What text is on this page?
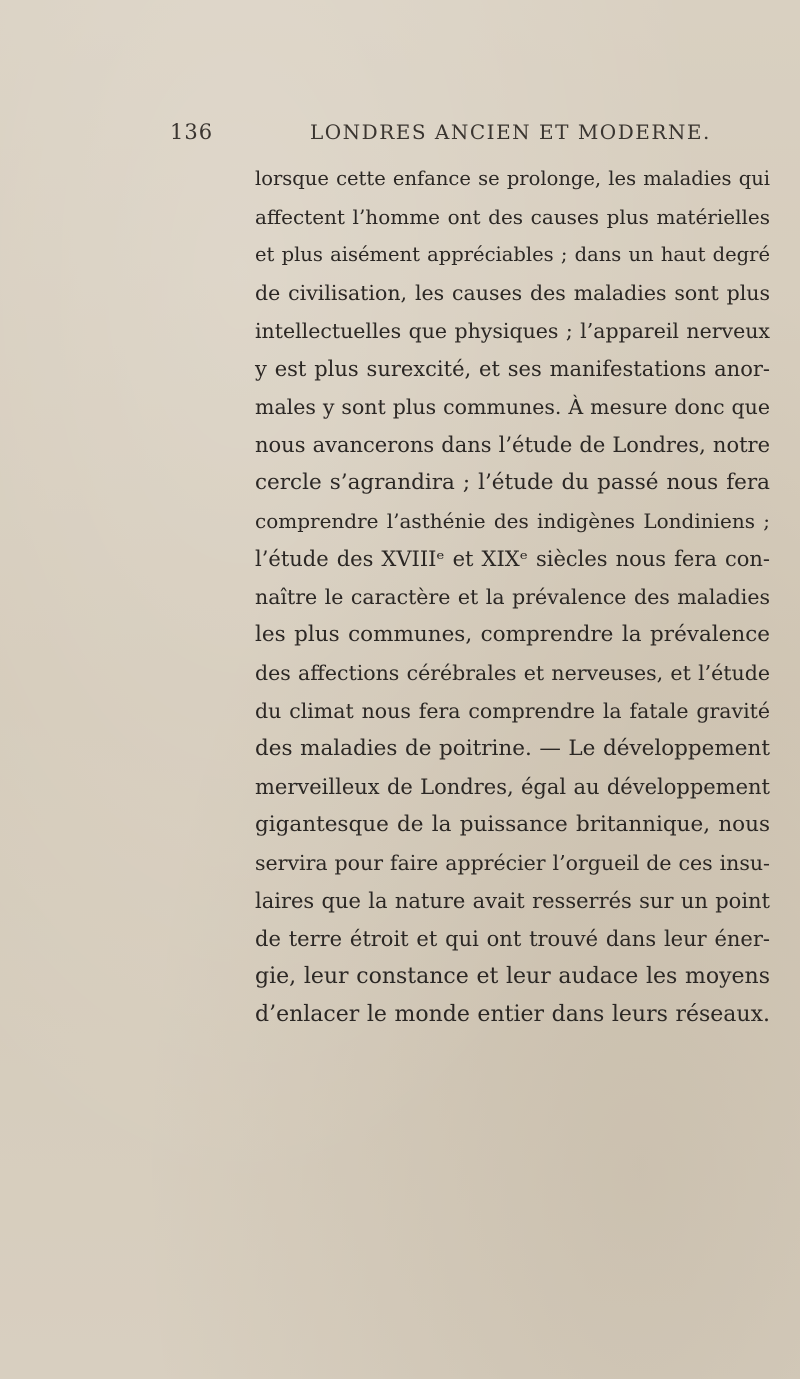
136	LONDRES ANCIEN ET MODERNE.
lorsque cette enfance se prolonge, les maladies qui
affectent l’homme ont des causes plus matérielles
et plus aisément appréciables ; dans un haut degré
de civilisation, les causes des maladies sont plus
intellectuelles que physiques ; l’appareil nerveux
y est plus surexcité, et ses manifestations anor-
males y sont plus communes. À mesure donc que
nous avancerons dans l’étude de Londres, notre
cercle s’agrandira ; l’étude du passé nous fera
comprendre l’asthénie des indigènes Londiniens ;
l’étude des XVIIIᵉ et XIXᵉ siècles nous fera con-
naître le caractère et la prévalence des maladies
les plus communes, comprendre la prévalence
des affections cérébrales et nerveuses, et l’étude
du climat nous fera comprendre la fatale gravité
des maladies de poitrine. — Le développement
merveilleux de Londres, égal au développement
gigantesque de la puissance britannique, nous
servira pour faire apprécier l’orgueil de ces insu-
laires que la nature avait resserrés sur un point
de terre étroit et qui ont trouvé dans leur éner-
gie, leur constance et leur audace les moyens
d’enlacer le monde entier dans leurs réseaux.
